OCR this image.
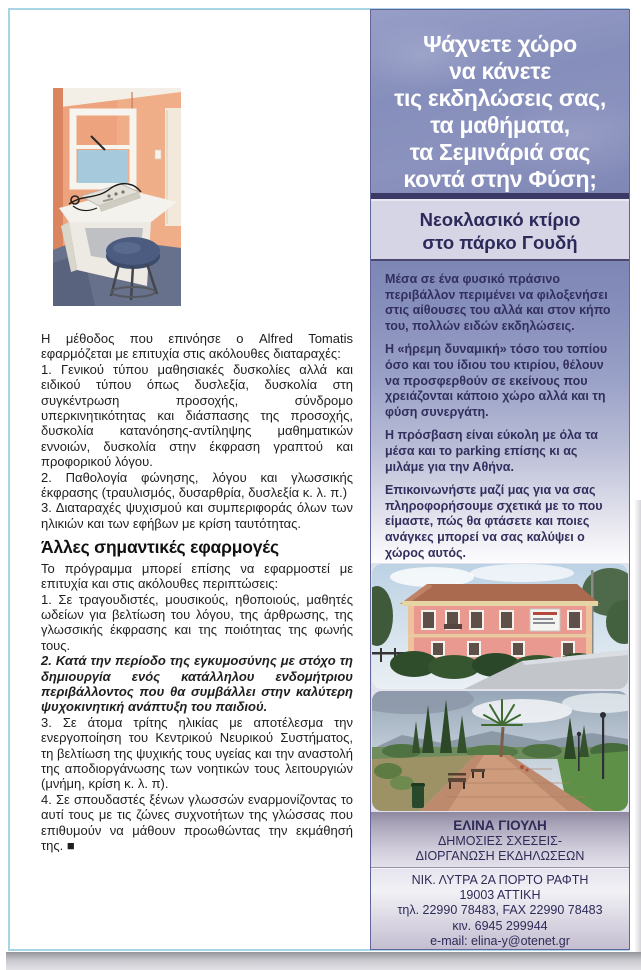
Η μέθοδος που επινόησε ο Alfred Tomatis εφαρμόζεται με επιτυχία στις ακόλουθες διαταραχές:

1. Γενικού τύπου μαθησιακές δυσκολίες αλλά και ειδικού τύπου όπως δυσλεξία, δυσκολία στη συγκέντρωση προσοχής, σύνδρομο υπερκινητικότητας και διάσπασης της προσοχής, δυσκολία κατανόησης-αντίληψης μαθηματικών εννοιών, δυσκολία στην έκφραση γραπτού και προφορικού λόγου.

2. Παθολογία φώνησης, λόγου και γλωσσικής έκφρασης (τραυλισμός, δυσαρθρία, δυσλεξία κ. λ. π.)

3. Διαταραχές ψυχισμού και συμπεριφοράς όλων των ηλικιών και των εφήβων με κρίση ταυτότητας.

Άλλες σημαντικές εφαρμογές

Το πρόγραμμα μπορεί επίσης να εφαρμοστεί με επιτυχία και στις ακόλουθες περιπτώσεις:

1. Σε τραγουδιστές, μουσικούς, ηθοποιούς, μαθητές ωδείων για βελτίωση του λόγου, της άρθρωσης, της γλωσσικής έκφρασης και της ποιότητας της φωνής τους.

2. Κατά την περίοδο της εγκυμοσύνης με στόχο τη δημιουργία ενός κατάλληλου ενδομήτριου περιβάλλοντος που θα συμβάλλει στην καλύτερη ψυχοκινητική ανάπτυξη του παιδιού.

3. Σε άτομα τρίτης ηλικίας με αποτέλεσμα την ενεργοποίηση του Κεντρικού Νευρικού Συστήματος, τη βελτίωση της ψυχικής τους υγείας και την αναστολή της αποδιοργάνωσης των νοητικών τους λειτουργιών (μνήμη, κρίση κ. λ. π).

4. Σε σπουδαστές ξένων γλωσσών εναρμονίζοντας το αυτί τους με τις ζώνες συχνοτήτων της γλώσσας που επιθυμούν να μάθουν προωθώντας την εκμάθησή της. ■

Ψάχνετε χώρο
να κάνετε
τις εκδηλώσεις σας,
τα μαθήματα,
τα Σεμινάριά σας
κοντά στην Φύση;
Νεοκλασικό κτίριο
στο πάρκο Γουδή

Μέσα σε ένα φυσικό πράσινο περιβάλλον περιμένει να φιλοξενήσει στις αίθουσες του αλλά και στον κήπο του, πολλών ειδών εκδηλώσεις.

Η «ήρεμη δυναμική» τόσο του τοπίου όσο και του ίδιου του κτιρίου, θέλουν να προσφερθούν σε εκείνους που χρειάζονται κάποιο χώρο αλλά και τη φύση συνεργάτη.

Η πρόσβαση είναι εύκολη με όλα τα μέσα και το parking επίσης κι ας μιλάμε για την Αθήνα.

Επικοινωνήστε μαζί μας για να σας πληροφορήσουμε σχετικά με το που είμαστε, πώς θα φτάσετε και ποιες ανάγκες μπορεί να σας καλύψει ο χώρος αυτός.

ΕΛΙΝΑ ΓΙΟΥΛΗ
ΔΗΜΟΣΙΕΣ ΣΧΕΣΕΙΣ-
ΔΙΟΡΓΑΝΩΣΗ ΕΚΔΗΛΩΣΕΩΝ
ΝΙΚ. ΛΥΤΡΑ 2Α ΠΟΡΤΟ ΡΑΦΤΗ
19003 ΑΤΤΙΚΗ
τηλ. 22990 78483, FAX 22990 78483
κιν. 6945 299944
e-mail: elina-y@otenet.gr
